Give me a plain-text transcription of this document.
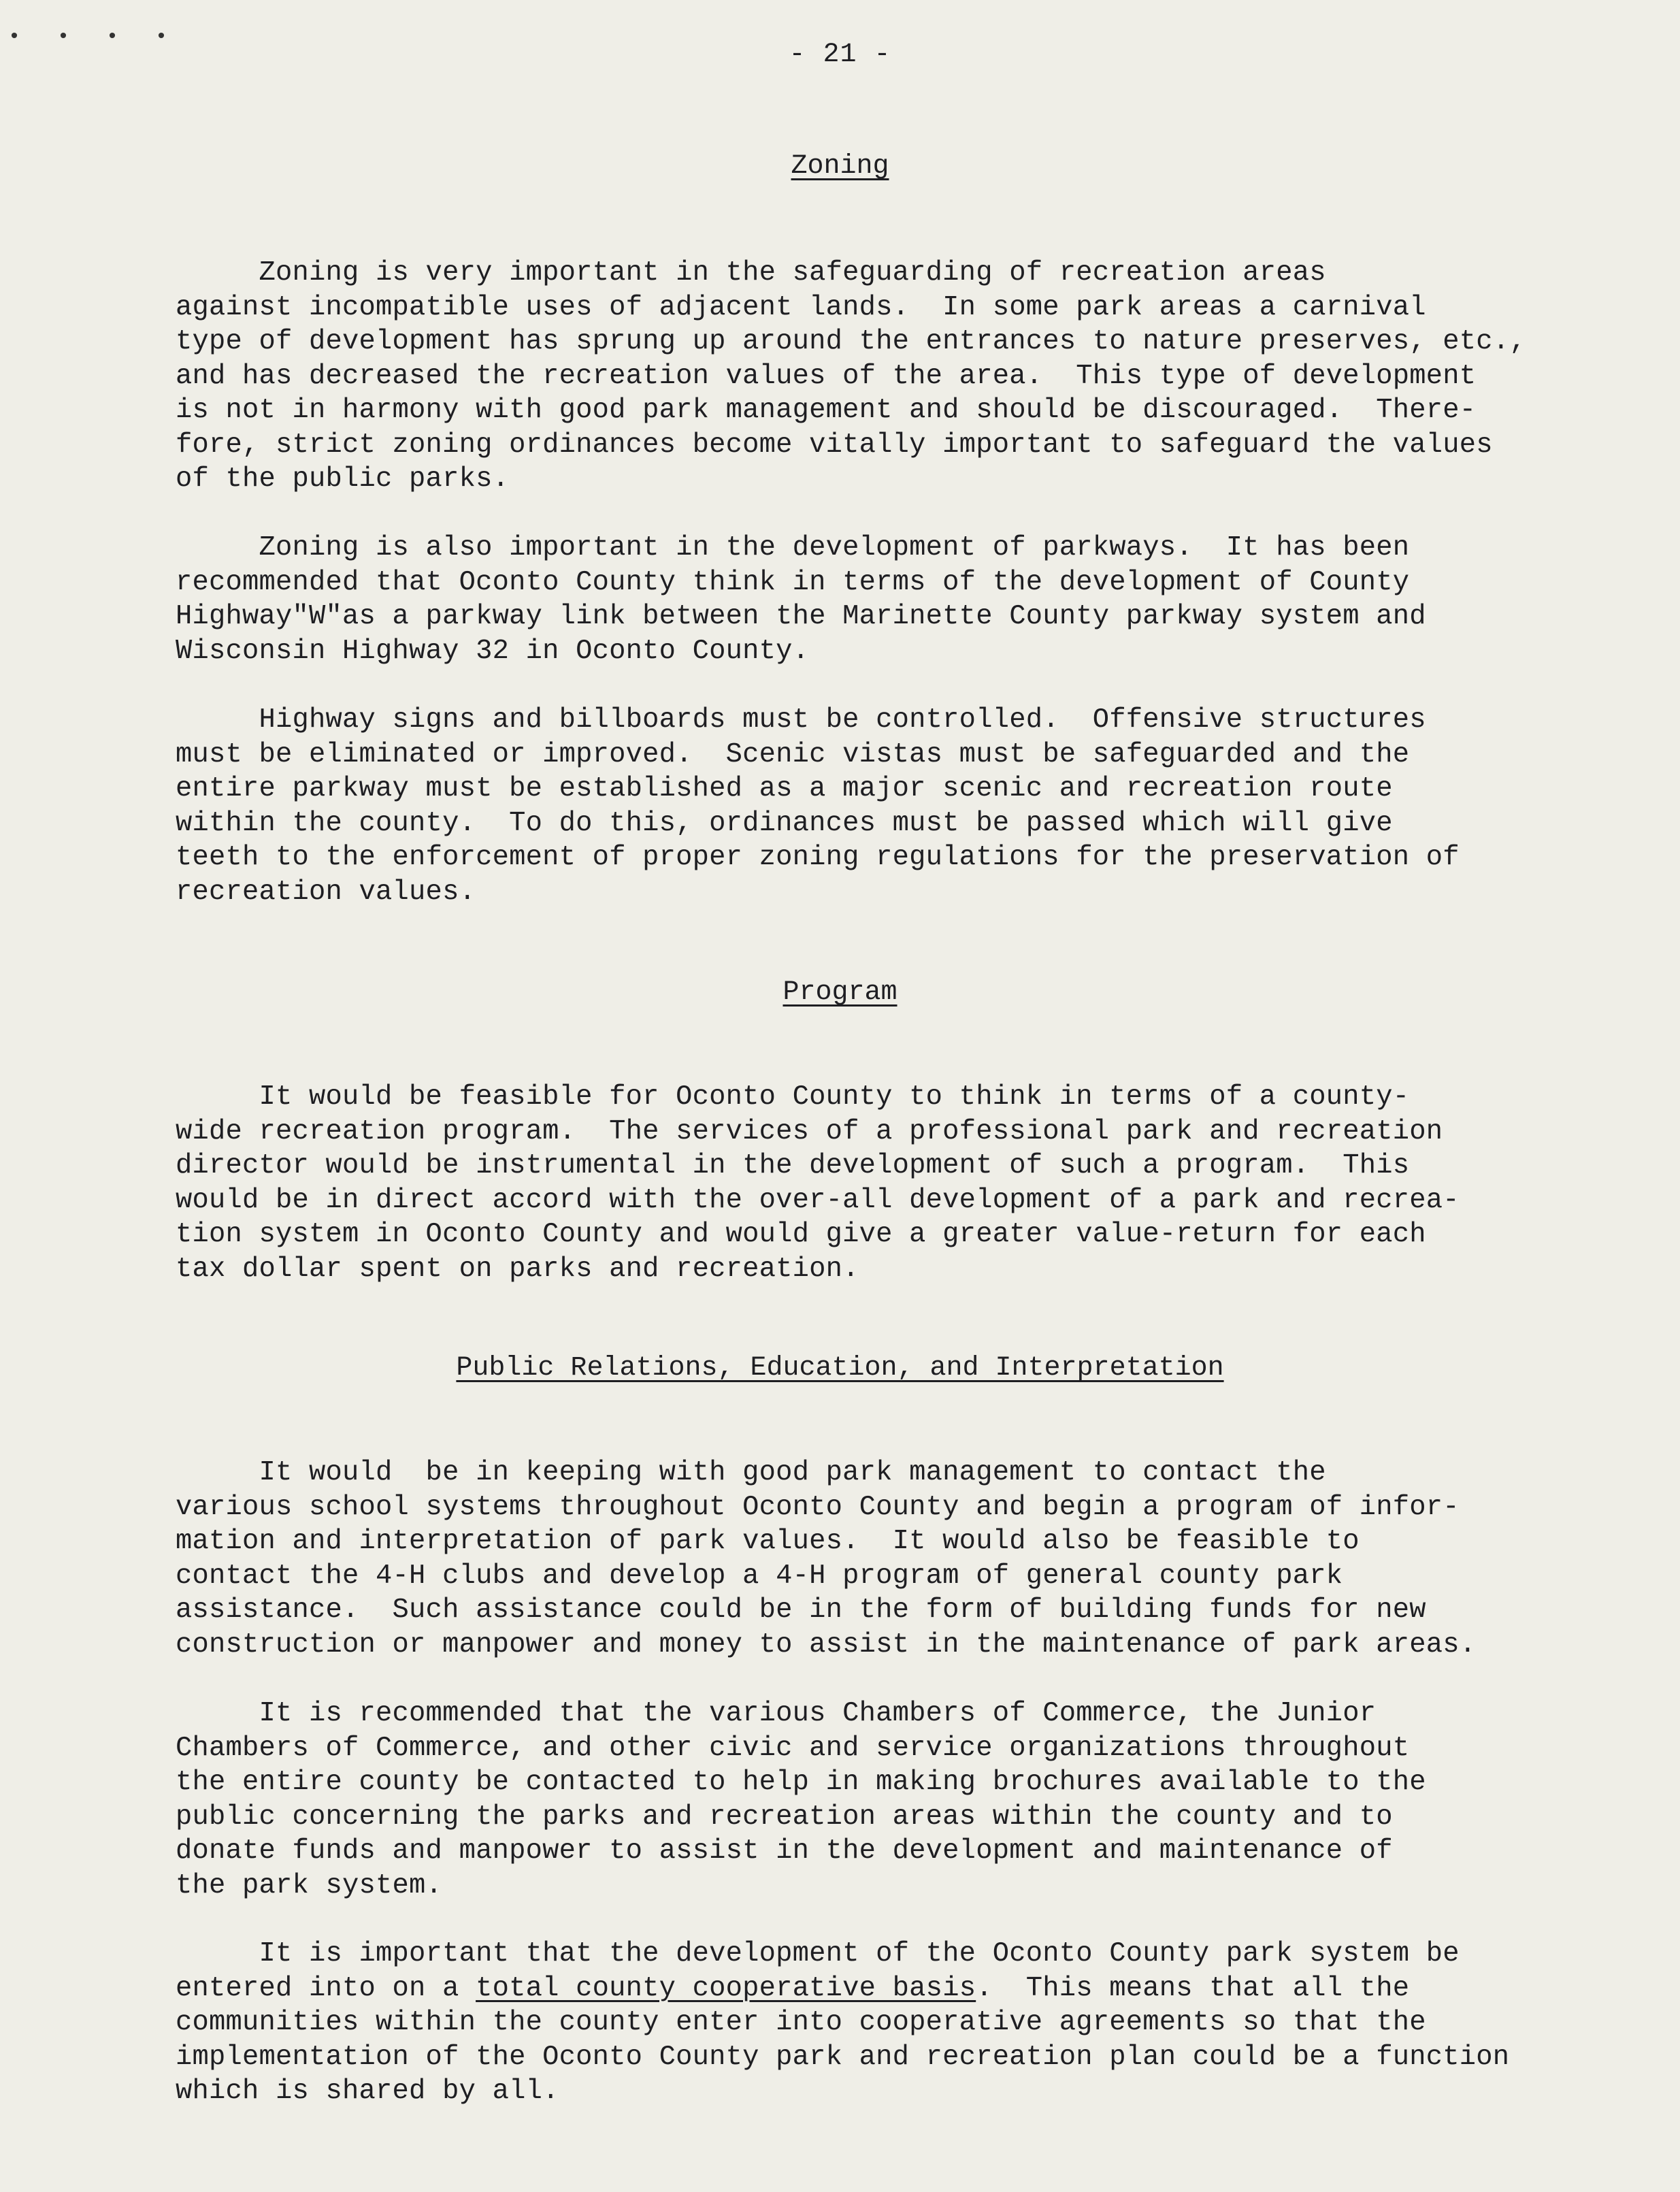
• • • •
- 21 -
Zoning
Zoning is very important in the safeguarding of recreation areas
against incompatible uses of adjacent lands.  In some park areas a carnival
type of development has sprung up around the entrances to nature preserves, etc.,
and has decreased the recreation values of the area.  This type of development
is not in harmony with good park management and should be discouraged.  There-
fore, strict zoning ordinances become vitally important to safeguard the values
of the public parks.
Zoning is also important in the development of parkways.  It has been
recommended that Oconto County think in terms of the development of County
Highway"W"as a parkway link between the Marinette County parkway system and
Wisconsin Highway 32 in Oconto County.
Highway signs and billboards must be controlled.  Offensive structures
must be eliminated or improved.  Scenic vistas must be safeguarded and the
entire parkway must be established as a major scenic and recreation route
within the county.  To do this, ordinances must be passed which will give
teeth to the enforcement of proper zoning regulations for the preservation of
recreation values.
Program
It would be feasible for Oconto County to think in terms of a county-
wide recreation program.  The services of a professional park and recreation
director would be instrumental in the development of such a program.  This
would be in direct accord with the over-all development of a park and recrea-
tion system in Oconto County and would give a greater value-return for each
tax dollar spent on parks and recreation.
Public Relations, Education, and Interpretation
It would  be in keeping with good park management to contact the
various school systems throughout Oconto County and begin a program of infor-
mation and interpretation of park values.  It would also be feasible to
contact the 4-H clubs and develop a 4-H program of general county park
assistance.  Such assistance could be in the form of building funds for new
construction or manpower and money to assist in the maintenance of park areas.
It is recommended that the various Chambers of Commerce, the Junior
Chambers of Commerce, and other civic and service organizations throughout
the entire county be contacted to help in making brochures available to the
public concerning the parks and recreation areas within the county and to
donate funds and manpower to assist in the development and maintenance of
the park system.
It is important that the development of the Oconto County park system be
entered into on a total county cooperative basis.  This means that all the
communities within the county enter into cooperative agreements so that the
implementation of the Oconto County park and recreation plan could be a function
which is shared by all.
